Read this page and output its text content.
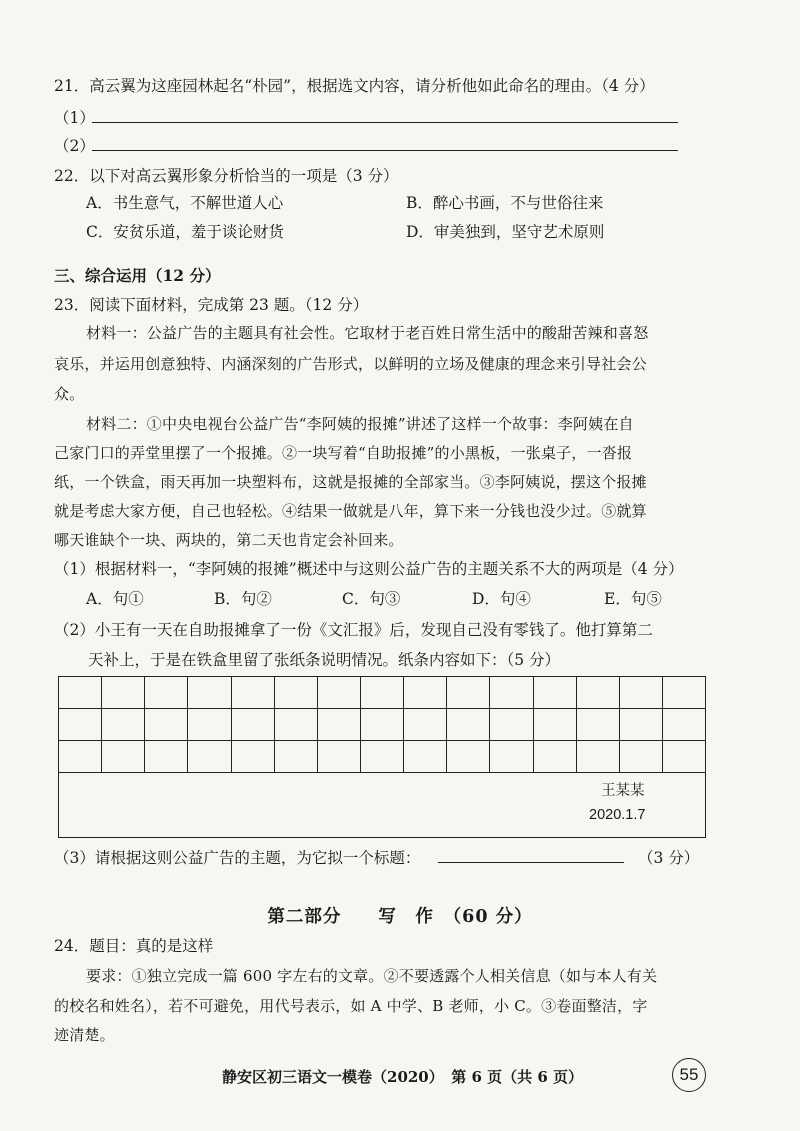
21．高云翼为这座园林起名“朴园”，根据选文内容，请分析他如此命名的理由。（4 分）
（1）
（2）
22．以下对高云翼形象分析恰当的一项是（3 分）
A．书生意气，不解世道人心	B．醉心书画，不与世俗往来
C．安贫乐道，羞于谈论财货	D．审美独到，坚守艺术原则
三、综合运用（12 分）
23．阅读下面材料，完成第 23 题。（12 分）
材料一：公益广告的主题具有社会性。它取材于老百姓日常生活中的酸甜苦辣和喜怒
哀乐，并运用创意独特、内涵深刻的广告形式，以鲜明的立场及健康的理念来引导社会公
众。
材料二：①中央电视台公益广告“李阿姨的报摊”讲述了这样一个故事：李阿姨在自
己家门口的弄堂里摆了一个报摊。②一块写着“自助报摊”的小黑板，一张桌子，一沓报
纸，一个铁盒，雨天再加一块塑料布，这就是报摊的全部家当。③李阿姨说，摆这个报摊
就是考虑大家方便，自己也轻松。④结果一做就是八年，算下来一分钱也没少过。⑤就算
哪天谁缺个一块、两块的，第二天也肯定会补回来。
（1）根据材料一，“李阿姨的报摊”概述中与这则公益广告的主题关系不大的两项是（4 分）
A．句①	B．句②	C．句③	D．句④	E．句⑤
（2）小王有一天在自助报摊拿了一份《文汇报》后，发现自己没有零钱了。他打算第二
天补上，于是在铁盒里留了张纸条说明情况。纸条内容如下：（5 分）
王某某
2020.1.7
（3）请根据这则公益广告的主题，为它拟一个标题：	（3 分）
第二部分　　写　作　（60 分）
24．题目：真的是这样
要求：①独立完成一篇 600 字左右的文章。②不要透露个人相关信息（如与本人有关
的校名和姓名），若不可避免，用代号表示，如 A 中学、B 老师，小 C。③卷面整洁，字
迹清楚。
静安区初三语文一模卷（2020）　第 6 页（共 6 页）	55
